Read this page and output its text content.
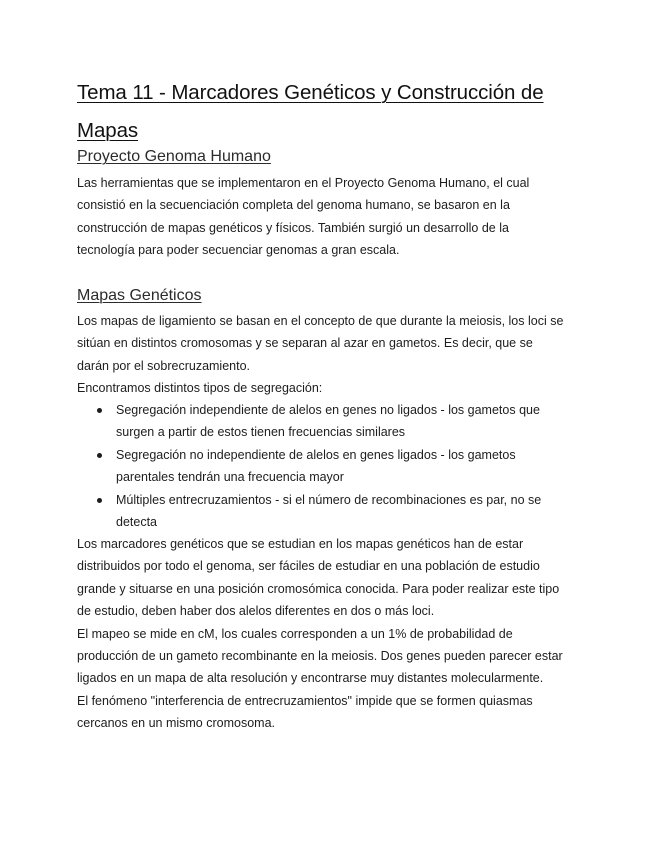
Tema 11 - Marcadores Genéticos y Construcción de
Mapas
Proyecto Genoma Humano

Las herramientas que se implementaron en el Proyecto Genoma Humano, el cual
consistió en la secuenciación completa del genoma humano, se basaron en la
construcción de mapas genéticos y físicos. También surgió un desarrollo de la
tecnología para poder secuenciar genomas a gran escala.

Mapas Genéticos

Los mapas de ligamiento se basan en el concepto de que durante la meiosis, los loci se
sitúan en distintos cromosomas y se separan al azar en gametos. Es decir, que se
darán por el sobrecruzamiento.
Encontramos distintos tipos de segregación:

Segregación independiente de alelos en genes no ligados - los gametos que
surgen a partir de estos tienen frecuencias similares
Segregación no independiente de alelos en genes ligados - los gametos
parentales tendrán una frecuencia mayor
Múltiples entrecruzamientos - si el número de recombinaciones es par, no se
detecta

Los marcadores genéticos que se estudian en los mapas genéticos han de estar
distribuidos por todo el genoma, ser fáciles de estudiar en una población de estudio
grande y situarse en una posición cromosómica conocida. Para poder realizar este tipo
de estudio, deben haber dos alelos diferentes en dos o más loci.
El mapeo se mide en cM, los cuales corresponden a un 1% de probabilidad de
producción de un gameto recombinante en la meiosis. Dos genes pueden parecer estar
ligados en un mapa de alta resolución y encontrarse muy distantes molecularmente.
El fenómeno "interferencia de entrecruzamientos" impide que se formen quiasmas
cercanos en un mismo cromosoma.
